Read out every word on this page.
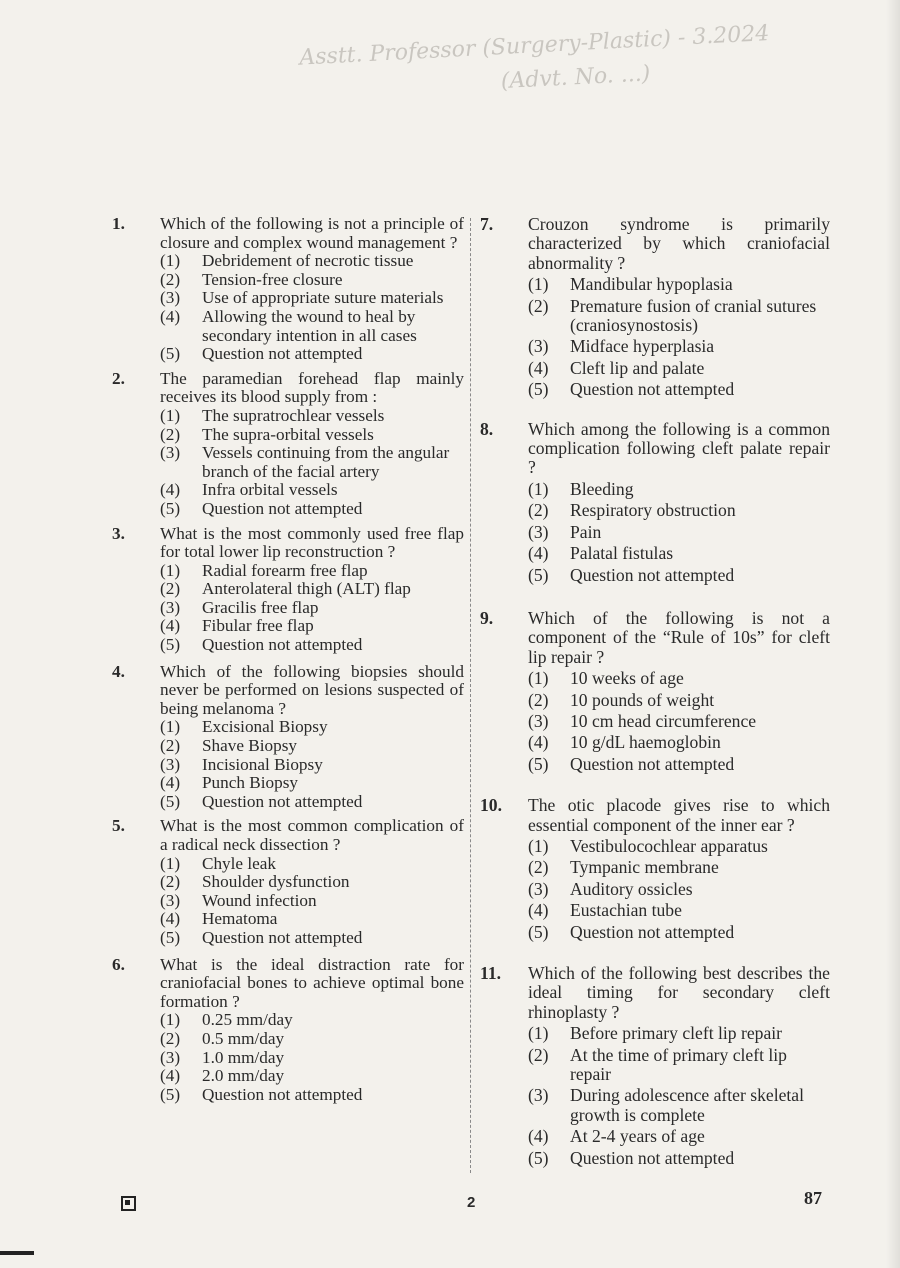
Asstt. Professor (Surgery-Plastic) - 3.2024
(Advt. No. ...)
1. Which of the following is not a principle of closure and complex wound management ?
(1) Debridement of necrotic tissue
(2) Tension-free closure
(3) Use of appropriate suture materials
(4) Allowing the wound to heal by secondary intention in all cases
(5) Question not attempted
2. The paramedian forehead flap mainly receives its blood supply from :
(1) The supratrochlear vessels
(2) The supra-orbital vessels
(3) Vessels continuing from the angular branch of the facial artery
(4) Infra orbital vessels
(5) Question not attempted
3. What is the most commonly used free flap for total lower lip reconstruction ?
(1) Radial forearm free flap
(2) Anterolateral thigh (ALT) flap
(3) Gracilis free flap
(4) Fibular free flap
(5) Question not attempted
4. Which of the following biopsies should never be performed on lesions suspected of being melanoma ?
(1) Excisional Biopsy
(2) Shave Biopsy
(3) Incisional Biopsy
(4) Punch Biopsy
(5) Question not attempted
5. What is the most common complication of a radical neck dissection ?
(1) Chyle leak
(2) Shoulder dysfunction
(3) Wound infection
(4) Hematoma
(5) Question not attempted
6. What is the ideal distraction rate for craniofacial bones to achieve optimal bone formation ?
(1) 0.25 mm/day
(2) 0.5 mm/day
(3) 1.0 mm/day
(4) 2.0 mm/day
(5) Question not attempted
7. Crouzon syndrome is primarily characterized by which craniofacial abnormality ?
(1) Mandibular hypoplasia
(2) Premature fusion of cranial sutures (craniosynostosis)
(3) Midface hyperplasia
(4) Cleft lip and palate
(5) Question not attempted
8. Which among the following is a common complication following cleft palate repair ?
(1) Bleeding
(2) Respiratory obstruction
(3) Pain
(4) Palatal fistulas
(5) Question not attempted
9. Which of the following is not a component of the “Rule of 10s” for cleft lip repair ?
(1) 10 weeks of age
(2) 10 pounds of weight
(3) 10 cm head circumference
(4) 10 g/dL haemoglobin
(5) Question not attempted
10. The otic placode gives rise to which essential component of the inner ear ?
(1) Vestibulocochlear apparatus
(2) Tympanic membrane
(3) Auditory ossicles
(4) Eustachian tube
(5) Question not attempted
11. Which of the following best describes the ideal timing for secondary cleft rhinoplasty ?
(1) Before primary cleft lip repair
(2) At the time of primary cleft lip repair
(3) During adolescence after skeletal growth is complete
(4) At 2-4 years of age
(5) Question not attempted
2	87
